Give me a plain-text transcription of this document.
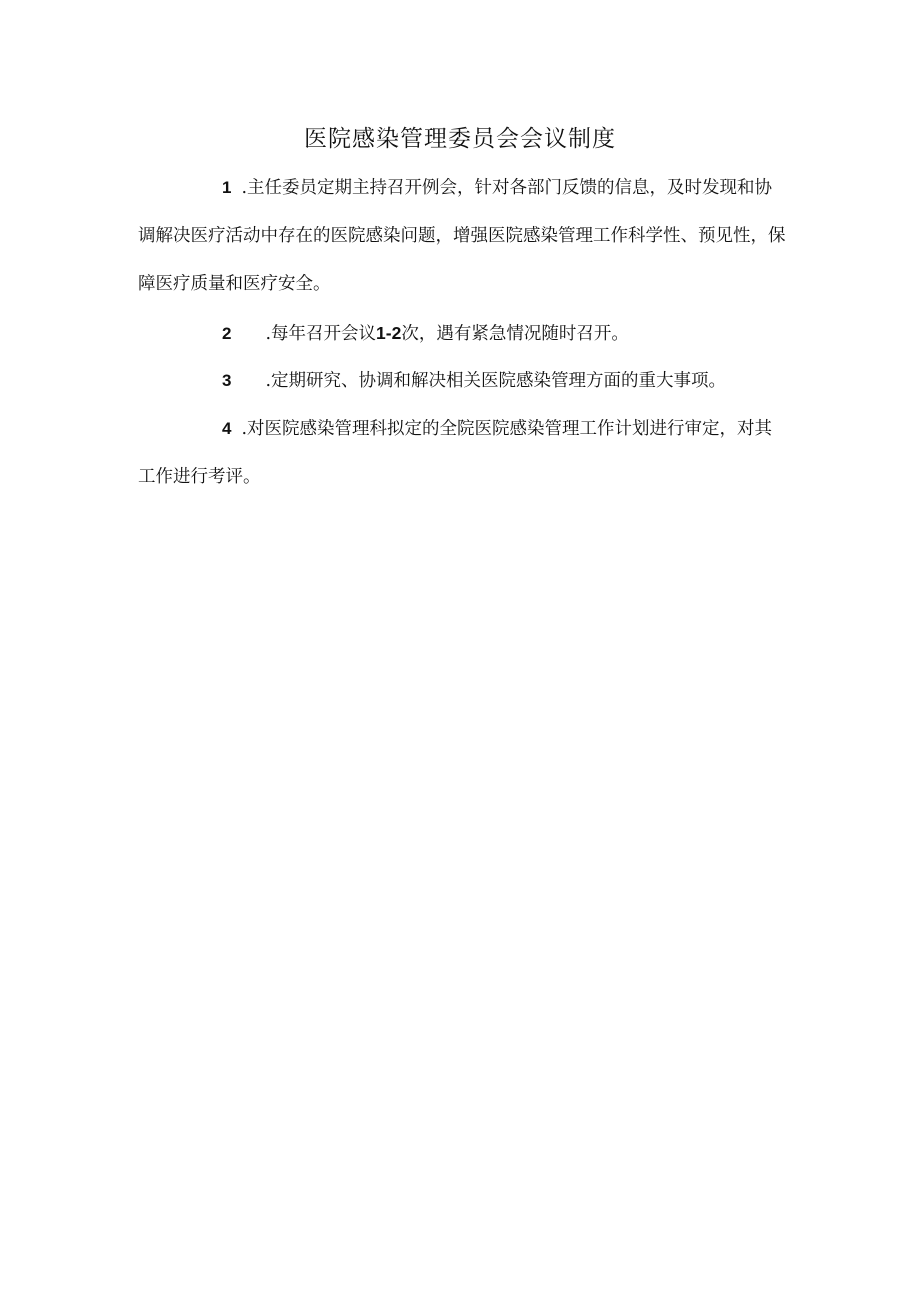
医院感染管理委员会会议制度

1 .主任委员定期主持召开例会，针对各部门反馈的信息，及时发现和协调解决医疗活动中存在的医院感染问题，增强医院感染管理工作科学性、预见性，保障医疗质量和医疗安全。

2 .每年召开会议1-2次，遇有紧急情况随时召开。

3 .定期研究、协调和解决相关医院感染管理方面的重大事项。

4 .对医院感染管理科拟定的全院医院感染管理工作计划进行审定，对其工作进行考评。
